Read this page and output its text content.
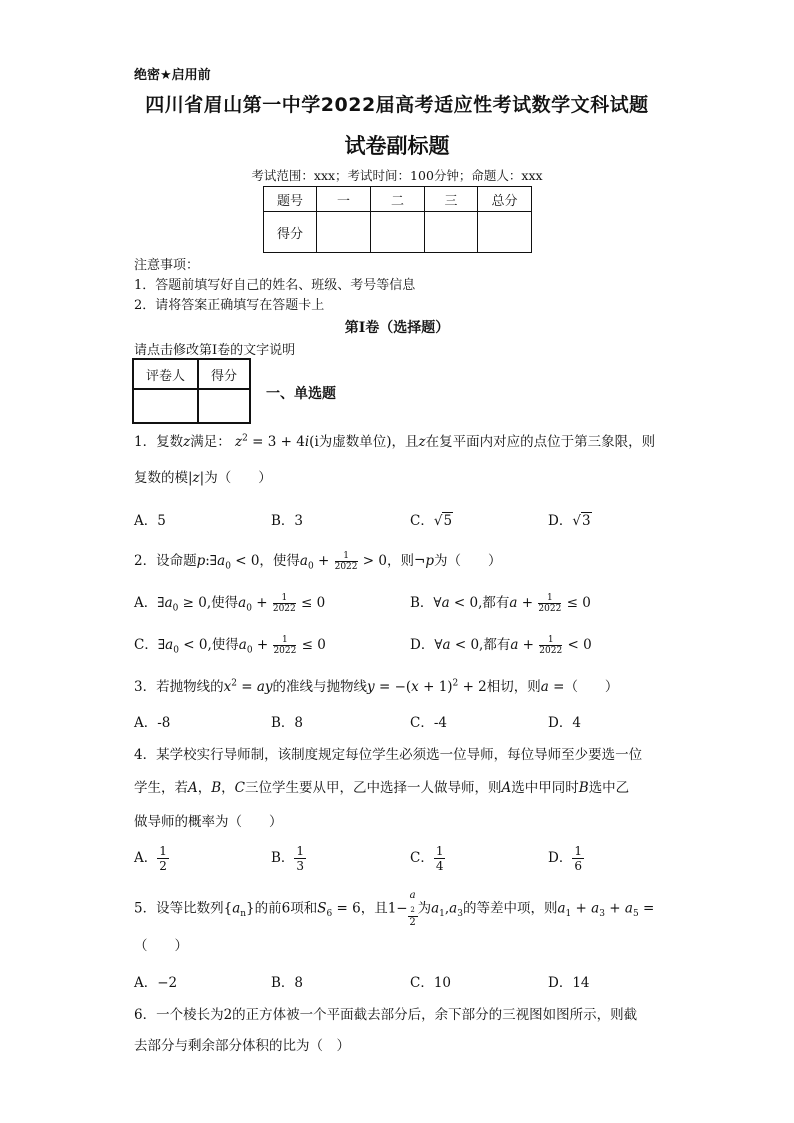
绝密★启用前
四川省眉山第一中学2022届高考适应性考试数学文科试题
试卷副标题
考试范围：xxx；考试时间：100分钟；命题人：xxx
题号	一	二	三	总分
得分				
注意事项：
1．答题前填写好自己的姓名、班级、考号等信息
2．请将答案正确填写在答题卡上
第I卷（选择题）
请点击修改第I卷的文字说明
评卷人	得分

一、单选题
1．复数z满足： $z^2 = 3 + 4i(i$为虚数单位)，且z在复平面内对应的点位于第三象限，则
复数的模|z|为（　　）
A．5	B．3	C．√5	D．√3
2．设命题$p:\exists a_0 < 0$，使得$a_0 + \frac{1}{2022} > 0$，则¬p为（　　）
A．$\exists a_0 \ge 0$,使得$a_0 + \frac{1}{2022} \le 0$	B．∀a < 0,都有$a + \frac{1}{2022} \le 0$
C．$\exists a_0 < 0$,使得$a_0 + \frac{1}{2022} \le 0$	D．∀a < 0,都有$a + \frac{1}{2022} < 0$
3．若抛物线的$x^2$ = ay的准线与抛物线$y = -(x + 1)^2 + 2$相切，则a =（　　）
A．-8	B．8	C．-4	D．4
4．某学校实行导师制，该制度规定每位学生必须选一位导师，每位导师至少要选一位
学生，若A，B，C三位学生要从甲，乙中选择一人做导师，则A选中甲同时B选中乙
做导师的概率为（　　）
A． $\frac{1}{2}$	B． $\frac{1}{3}$	C． $\frac{1}{4}$	D． $\frac{1}{6}$
5．设等比数列$\{a_n\}$的前6项和$S_6 = 6$，且1− a
$_2$
2 为$a_1,a_3$的等差中项，则$a_1 + a_3 + a_5$ =
（　　）
A．−2	B．8	C．10	D．14
6．一个棱长为2的正方体被一个平面截去部分后，余下部分的三视图如图所示，则截
去部分与剩余部分体积的比为（　）
